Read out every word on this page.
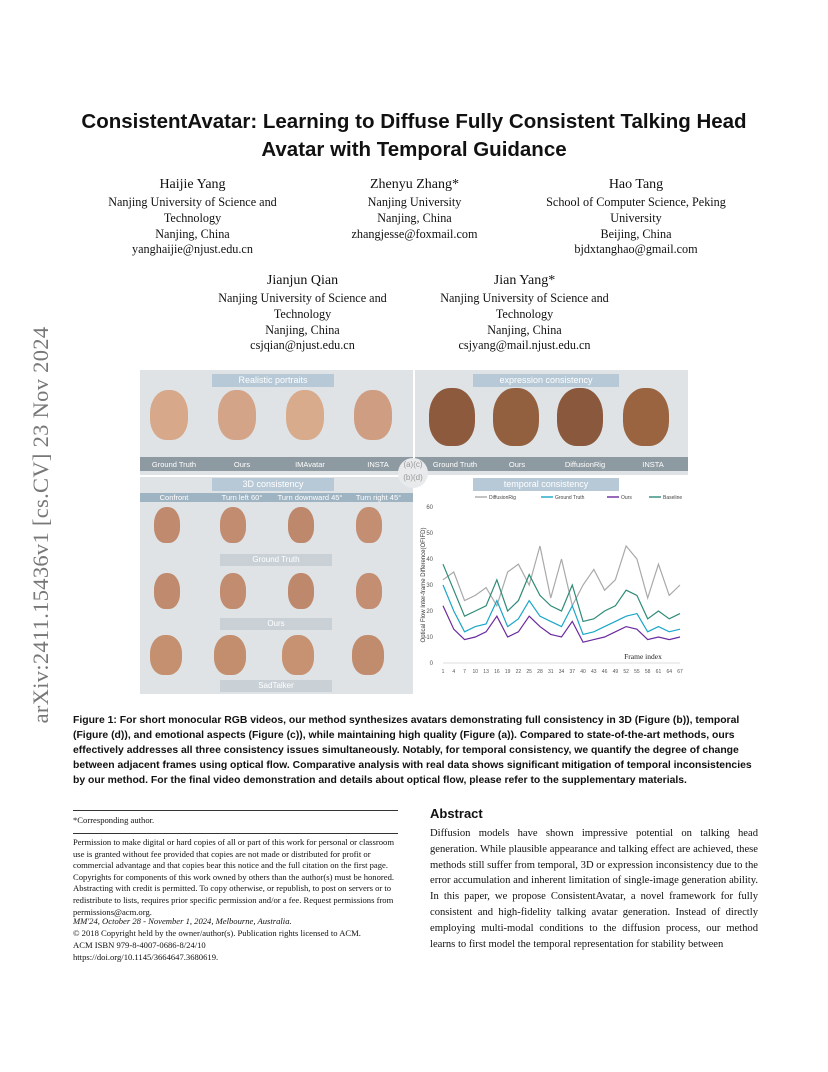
arXiv:2411.15436v1 [cs.CV] 23 Nov 2024
ConsistentAvatar: Learning to Diffuse Fully Consistent Talking Head Avatar with Temporal Guidance
Haijie Yang
Nanjing University of Science and Technology
Nanjing, China
yanghaijie@njust.edu.cn
Zhenyu Zhang*
Nanjing University
Nanjing, China
zhangjesse@foxmail.com
Hao Tang
School of Computer Science, Peking University
Beijing, China
bjdxtanghao@gmail.com
Jianjun Qian
Nanjing University of Science and Technology
Nanjing, China
csjqian@njust.edu.cn
Jian Yang*
Nanjing University of Science and Technology
Nanjing, China
csjyang@mail.njust.edu.cn
Realistic portraits
Ground Truth	Ours	IMAvatar	INSTA
expression consistency
Ground Truth	Ours	DiffusionRig	INSTA
3D consistency
Confront	Turn left 60°	Turn downward 45°	Turn right 45°
Ground Truth
Ours
SadTalker
temporal consistency
0
10
20
30
40
50
60
1 4 7 10 13 16 19 22 25 28 31 34 37 40 43 46 49 52 55 58 61 64 67
DiffusionRig	Ground Truth	Ours	Baseline
Optical Flow Inter-frame Difference(OFIFD)
Frame index
(a)(c)
(b)(d)
Figure 1: For short monocular RGB videos, our method synthesizes avatars demonstrating full consistency in 3D (Figure (b)), temporal (Figure (d)), and emotional aspects (Figure (c)), while maintaining high quality (Figure (a)). Compared to state-of-the-art methods, ours effectively addresses all three consistency issues simultaneously. Notably, for temporal consistency, we quantify the degree of change between adjacent frames using optical flow. Comparative analysis with real data shows significant mitigation of temporal inconsistencies by our method. For the final video demonstration and details about optical flow, please refer to the supplementary materials.
*Corresponding author.
Permission to make digital or hard copies of all or part of this work for personal or classroom use is granted without fee provided that copies are not made or distributed for profit or commercial advantage and that copies bear this notice and the full citation on the first page. Copyrights for components of this work owned by others than the author(s) must be honored. Abstracting with credit is permitted. To copy otherwise, or republish, to post on servers or to redistribute to lists, requires prior specific permission and/or a fee. Request permissions from permissions@acm.org.
MM'24, October 28 - November 1, 2024, Melbourne, Australia.
© 2018 Copyright held by the owner/author(s). Publication rights licensed to ACM.
ACM ISBN 979-8-4007-0686-8/24/10
https://doi.org/10.1145/3664647.3680619.
Abstract
Diffusion models have shown impressive potential on talking head generation. While plausible appearance and talking effect are achieved, these methods still suffer from temporal, 3D or expression inconsistency due to the error accumulation and inherent limitation of single-image generation ability. In this paper, we propose ConsistentAvatar, a novel framework for fully consistent and high-fidelity talking avatar generation. Instead of directly employing multi-modal conditions to the diffusion process, our method learns to first model the temporal representation for stability between
